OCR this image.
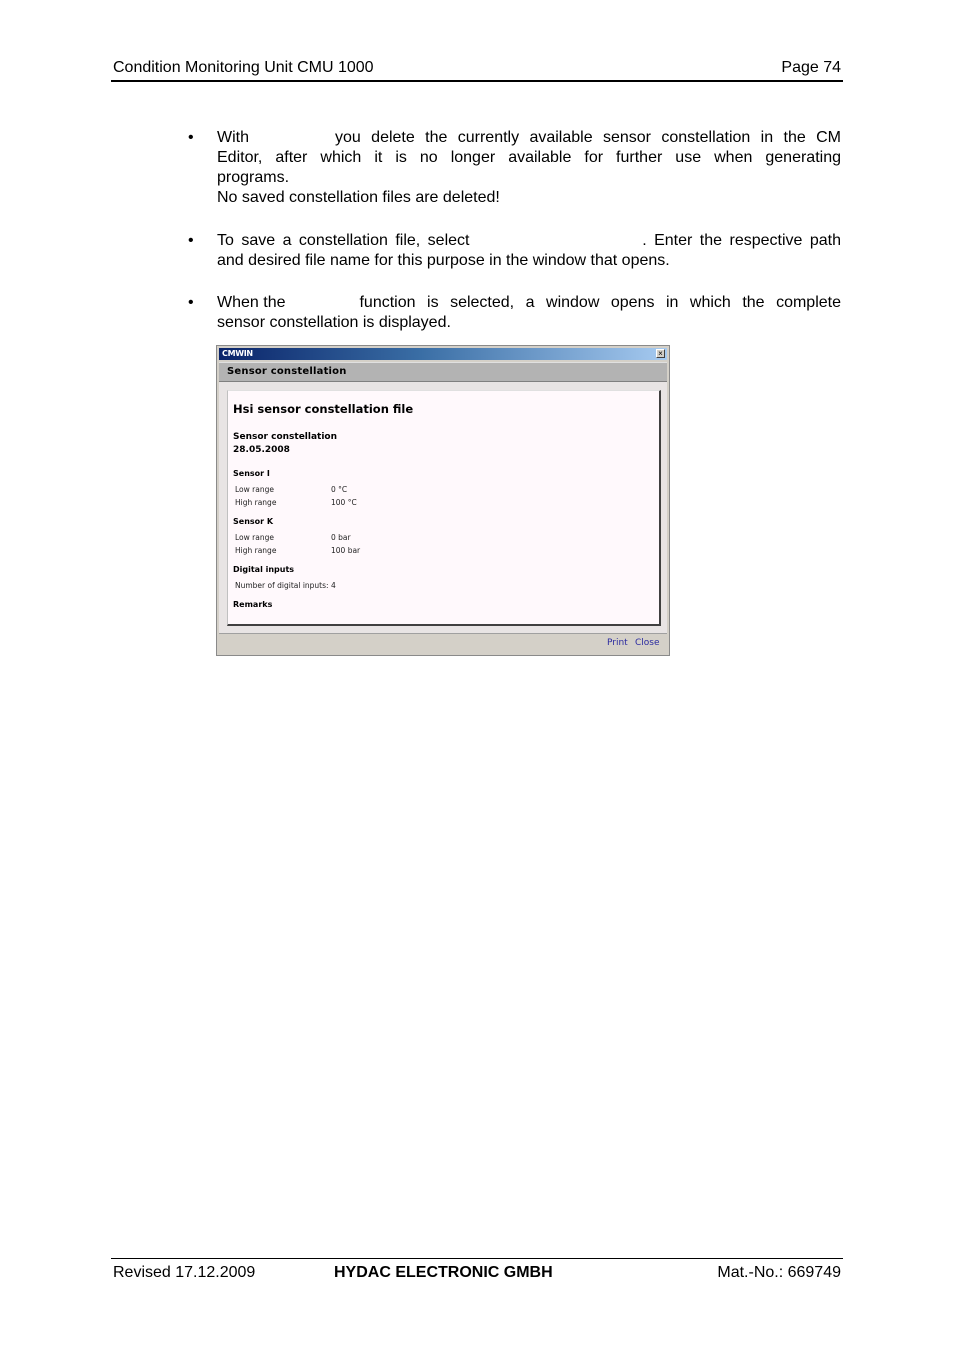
Condition Monitoring Unit CMU 1000	Page 74
•	With	you delete the currently available sensor constellation in the CM
Editor, after which it is no longer available for further use when generating
programs.
No saved constellation files are deleted!
•	To save a constellation file, select	. Enter the respective path
and desired file name for this purpose in the window that opens.
•	When the	function is selected, a window opens in which the complete
sensor constellation is displayed.
CMWIN	×
Sensor constellation
Hsi sensor constellation file
Sensor constellation
28.05.2008
Sensor I
Low range	0 °C
High range	100 °C
Sensor K
Low range	0 bar
High range	100 bar
Digital inputs
Number of digital inputs: 4
Remarks
Print Close
Revised 17.12.2009	HYDAC ELECTRONIC GMBH	Mat.-No.: 669749
